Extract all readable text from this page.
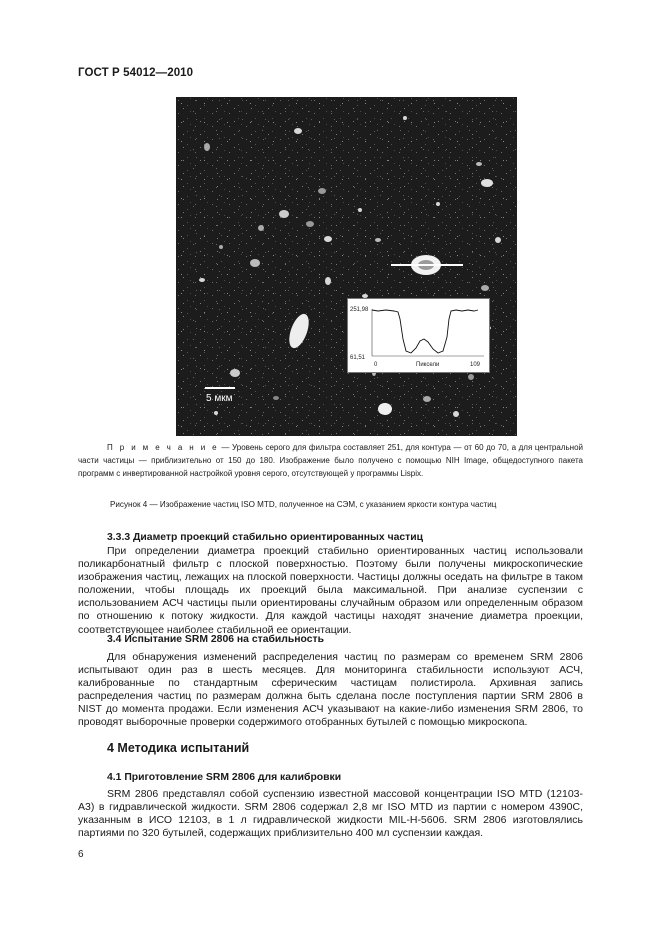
ГОСТ Р 54012—2010
5 мкм
251,98
61,51
0	Пиксели	109
П р и м е ч а н и е — Уровень серого для фильтра составляет 251, для контура — от 60 до 70, а для центральной части частицы — приблизительно от 150 до 180. Изображение было получено с помощью NIH Image, общедоступного пакета программ с инвертированной настройкой уровня серого, отсутствующей у программы Lispix.
Рисунок 4 — Изображение частиц ISO MTD, полученное на СЭМ, с указанием яркости контура частиц
3.3.3 Диаметр проекций стабильно ориентированных частиц
При определении диаметра проекций стабильно ориентированных частиц использовали поликарбонатный фильтр с плоской поверхностью. Поэтому были получены микроскопические изображения частиц, лежащих на плоской поверхности. Частицы должны оседать на фильтре в таком положении, чтобы площадь их проекций была максимальной. При анализе суспензии с использованием АСЧ частицы пыли ориентированы случайным образом или определенным образом по отношению к потоку жидкости. Для каждой частицы находят значение диаметра проекции, соответствующее наиболее стабильной ее ориентации.
3.4 Испытание SRM 2806 на стабильность
Для обнаружения изменений распределения частиц по размерам со временем SRM 2806 испытывают один раз в шесть месяцев. Для мониторинга стабильности используют АСЧ, калиброванные по стандартным сферическим частицам полистирола. Архивная запись распределения частиц по размерам должна быть сделана после поступления партии SRM 2806 в NIST до момента продажи. Если изменения АСЧ указывают на какие-либо изменения SRM 2806, то проводят выборочные проверки содержимого отобранных бутылей с помощью микроскопа.
4 Методика испытаний
4.1 Приготовление SRM 2806 для калибровки
SRM 2806 представлял собой суспензию известной массовой концентрации ISO MTD (12103-A3) в гидравлической жидкости. SRM 2806 содержал 2,8 мг ISO MTD из партии с номером 4390С, указанным в ИСО 12103, в 1 л гидравлической жидкости MIL-H-5606. SRM 2806 изготовлялись партиями по 320 бутылей, содержащих приблизительно 400 мл суспензии каждая.
6
